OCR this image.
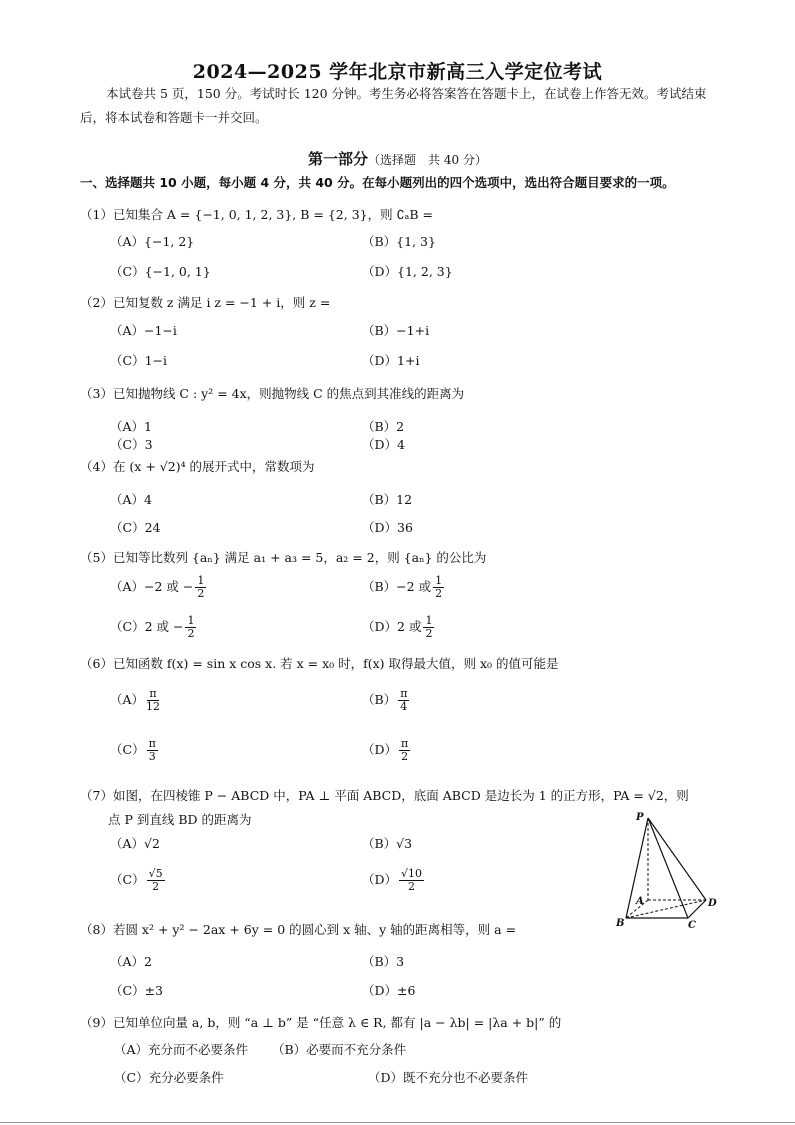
2024—2025 学年北京市新高三入学定位考试
本试卷共 5 页，150 分。考试时长 120 分钟。考生务必将答案答在答题卡上，在试卷上作答无效。考试结束后，将本试卷和答题卡一并交回。
第一部分（选择题　共 40 分）
一、选择题共 10 小题，每小题 4 分，共 40 分。在每小题列出的四个选项中，选出符合题目要求的一项。
（1）已知集合 A = {−1, 0, 1, 2, 3}, B = {2, 3}，则 ∁ₐB =
（A）{−1, 2}	（B）{1, 3}
（C）{−1, 0, 1}	（D）{1, 2, 3}
（2）已知复数 z 满足 i z = −1 + i，则 z =
（A）−1−i	（B）−1+i
（C）1−i	（D）1+i
（3）已知抛物线 C : y² = 4x，则抛物线 C 的焦点到其准线的距离为
（A）1	（B）2
（C）3	（D）4
（4）在 (x + √2)⁴ 的展开式中，常数项为
（A）4	（B）12
（C）24	（D）36
（5）已知等比数列 {aₙ} 满足 a₁ + a₃ = 5，a₂ = 2，则 {aₙ} 的公比为
（A）−2 或 − $\frac{1}{2}$	（B）−2 或 $\frac{1}{2}$
（C）2 或 − $\frac{1}{2}$	（D）2 或 $\frac{1}{2}$
（6）已知函数 f(x) = sin x cos x. 若 x = x₀ 时，f(x) 取得最大值，则 x₀ 的值可能是
$(A) \frac{\pi}{12}$	$(B) \frac{\pi}{4}$
$(C) \frac{\pi}{3}$	$(D) \frac{\pi}{2}$
（7）如图，在四棱锥 P − ABCD 中，PA ⊥ 平面 ABCD，底面 ABCD 是边长为 1 的正方形，PA = √2，则
点 P 到直线 BD 的距离为
（A）√2	（B）√3
$(C) \frac{√5}{2}$	$(D) \frac{√10}{2}$
P
A
B	C
D
（8）若圆 x² + y² − 2ax + 6y = 0 的圆心到 x 轴、y 轴的距离相等，则 a =
（A）2	（B）3
（C）±3	（D）±6
（9）已知单位向量 a, b，则 “a ⊥ b” 是 “任意 λ ∈ R, 都有 |a − λb| = |λa + b|” 的
（A）充分而不必要条件 （B）必要而不充分条件
（C）充分必要条件	（D）既不充分也不必要条件
